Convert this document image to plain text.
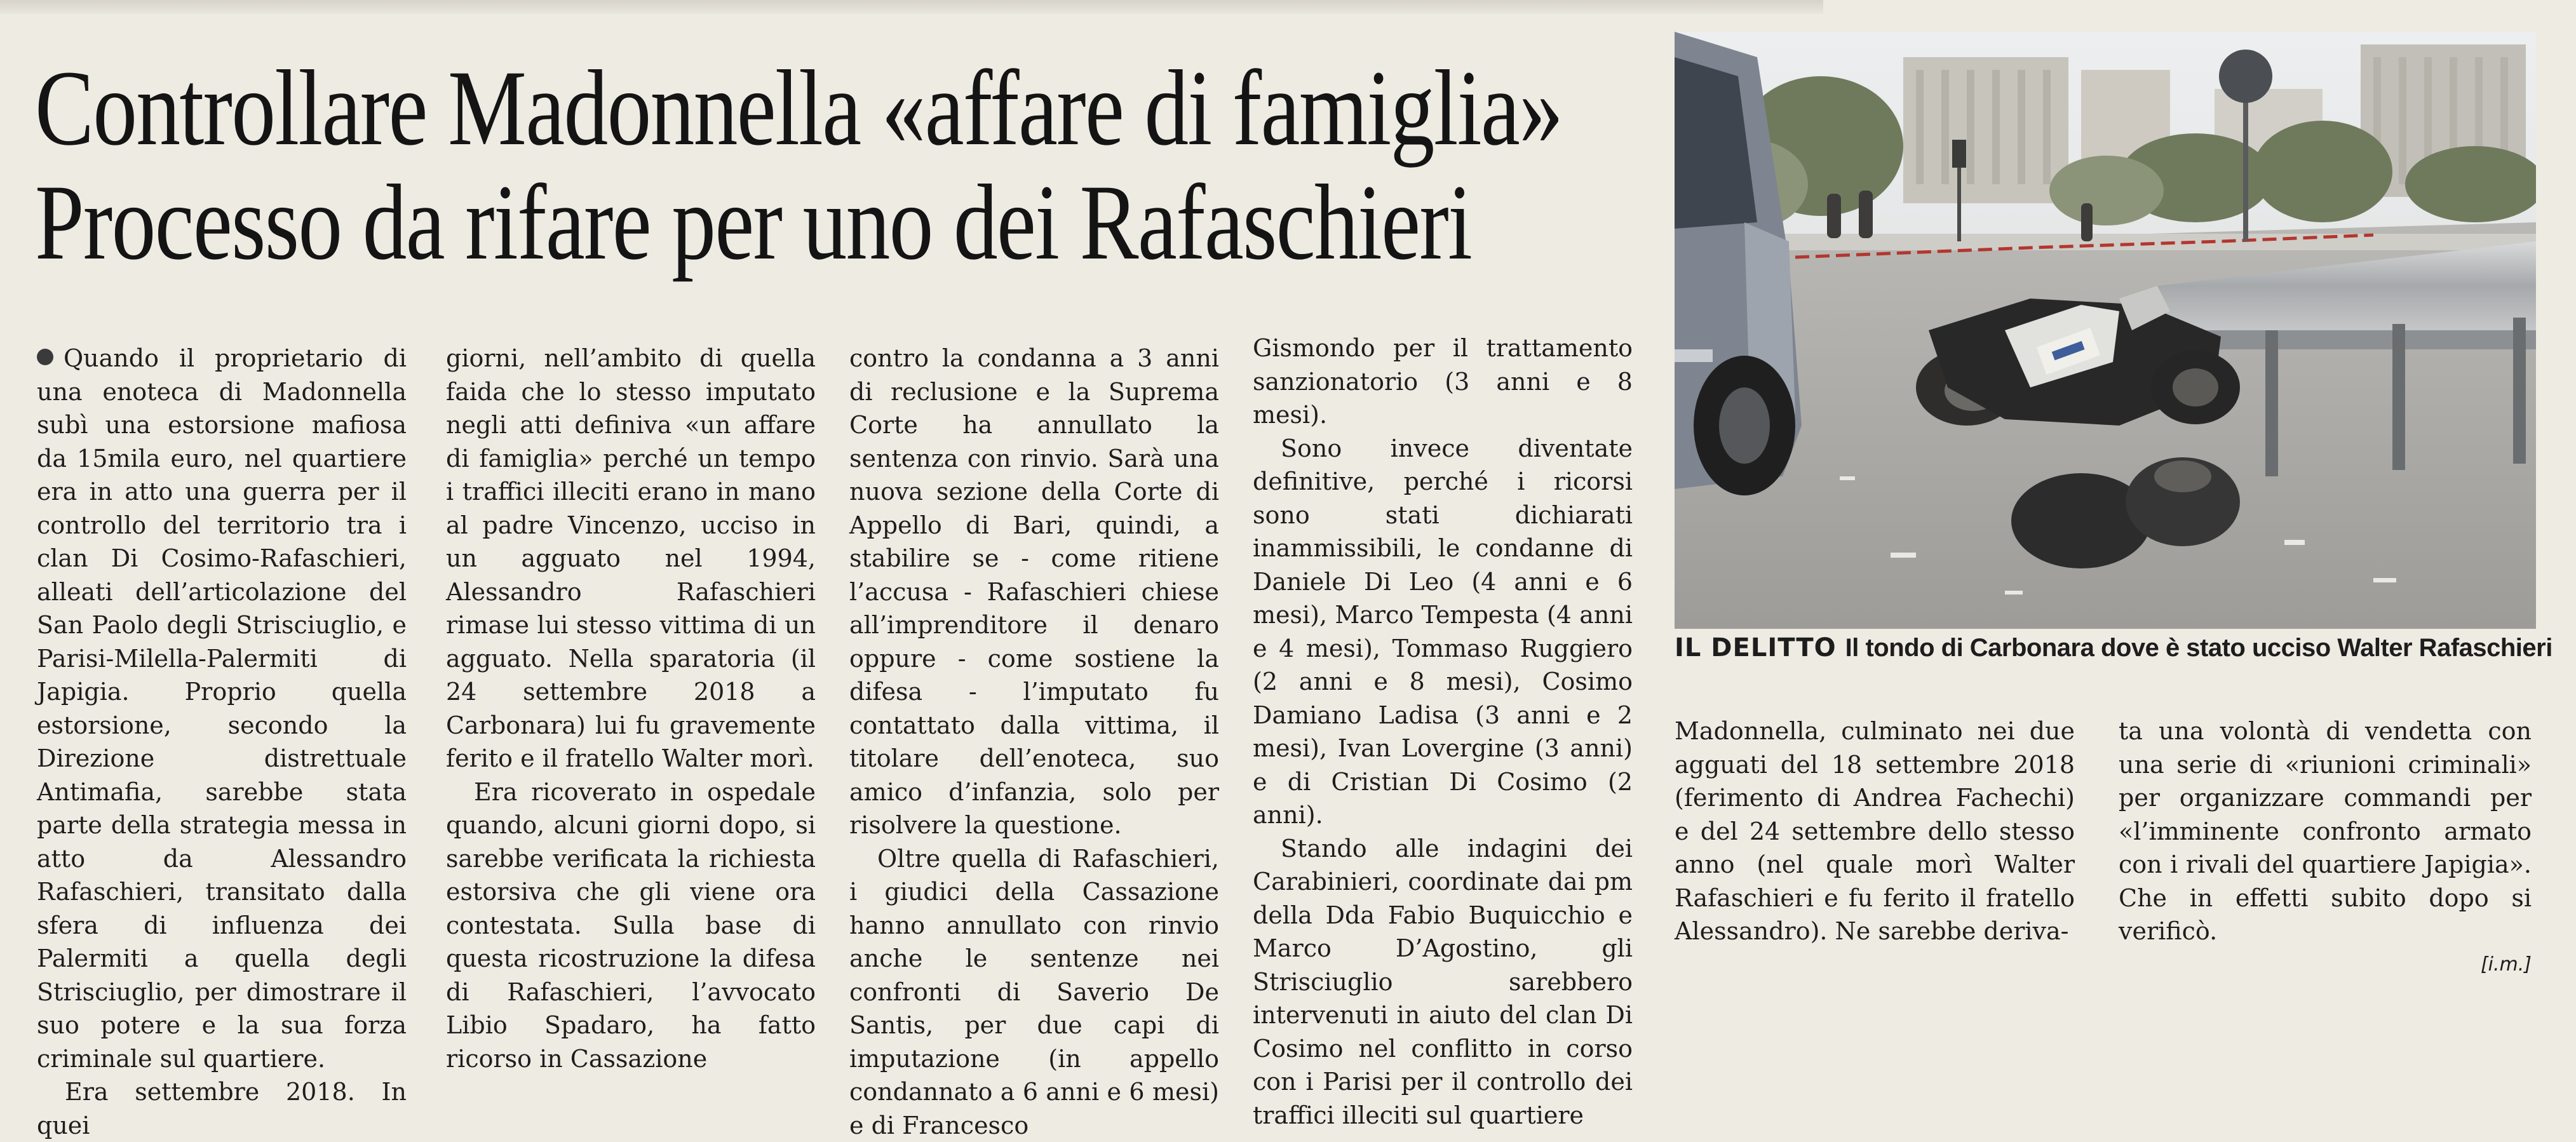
Controllare Madonnella «affare di famiglia»
Processo da rifare per uno dei Rafaschieri

Quando il proprietario di una enoteca di Madonnella subì una estorsione mafiosa da 15mila euro, nel quartiere era in atto una guerra per il controllo del territorio tra i clan Di Cosimo-Rafaschieri, alleati dell’articolazione del San Paolo degli Strisciuglio, e Parisi-Milella-Palermiti di Japigia. Proprio quella estorsione, secondo la Direzione distrettuale Antimafia, sarebbe stata parte della strategia messa in atto da Alessandro Rafaschieri, transitato dalla sfera di influenza dei Palermiti a quella degli Strisciuglio, per dimostrare il suo potere e la sua forza criminale sul quartiere.

Era settembre 2018. In quei

giorni, nell’ambito di quella faida che lo stesso imputato negli atti definiva «un affare di famiglia» perché un tempo i traffici illeciti erano in mano al padre Vincenzo, ucciso in un agguato nel 1994, Alessandro Rafaschieri rimase lui stesso vittima di un agguato. Nella sparatoria (il 24 settembre 2018 a Carbonara) lui fu gravemente ferito e il fratello Walter morì.

Era ricoverato in ospedale quando, alcuni giorni dopo, si sarebbe verificata la richiesta estorsiva che gli viene ora contestata. Sulla base di questa ricostruzione la difesa di Rafaschieri, l’avvocato Libio Spadaro, ha fatto ricorso in Cassazione

contro la condanna a 3 anni di reclusione e la Suprema Corte ha annullato la sentenza con rinvio. Sarà una nuova sezione della Corte di Appello di Bari, quindi, a stabilire se - come ritiene l’accusa - Rafaschieri chiese all’imprenditore il denaro oppure - come sostiene la difesa - l’imputato fu contattato dalla vittima, il titolare dell’enoteca, suo amico d’infanzia, solo per risolvere la questione.

Oltre quella di Rafaschieri, i giudici della Cassazione hanno annullato con rinvio anche le sentenze nei confronti di Saverio De Santis, per due capi di imputazione (in appello condannato a 6 anni e 6 mesi) e di Francesco

Gismondo per il trattamento sanzionatorio (3 anni e 8 mesi).

Sono invece diventate definitive, perché i ricorsi sono stati dichiarati inammissibili, le condanne di Daniele Di Leo (4 anni e 6 mesi), Marco Tempesta (4 anni e 4 mesi), Tommaso Ruggiero (2 anni e 8 mesi), Cosimo Damiano Ladisa (3 anni e 2 mesi), Ivan Lovergine (3 anni) e di Cristian Di Cosimo (2 anni).

Stando alle indagini dei Carabinieri, coordinate dai pm della Dda Fabio Buquicchio e Marco D’Agostino, gli Strisciuglio sarebbero intervenuti in aiuto del clan Di Cosimo nel conflitto in corso con i Parisi per il controllo dei traffici illeciti sul quartiere

IL DELITTO Il tondo di Carbonara dove è stato ucciso Walter Rafaschieri

Madonnella, culminato nei due agguati del 18 settembre 2018 (ferimento di Andrea Fachechi) e del 24 settembre dello stesso anno (nel quale morì Walter Rafaschieri e fu ferito il fratello Alessandro). Ne sarebbe deriva-

ta una volontà di vendetta con una serie di «riunioni criminali» per organizzare commandi per «l’imminente confronto armato con i rivali del quartiere Japigia». Che in effetti subito dopo si verificò.

[i.m.]
